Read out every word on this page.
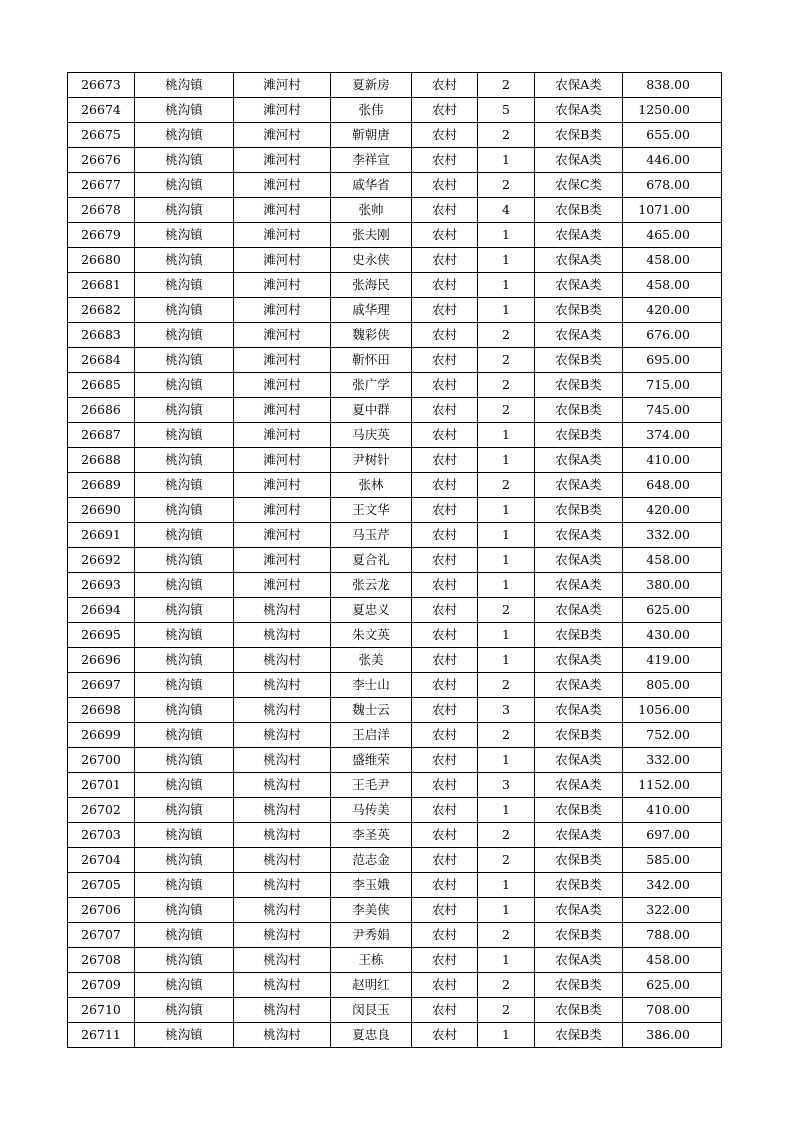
26673	桃沟镇	滩河村	夏新房	农村	2	农保A类	838.00
26674	桃沟镇	滩河村	张伟	农村	5	农保A类	1250.00
26675	桃沟镇	滩河村	靳朝唐	农村	2	农保B类	655.00
26676	桃沟镇	滩河村	李祥宣	农村	1	农保A类	446.00
26677	桃沟镇	滩河村	戚华省	农村	2	农保C类	678.00
26678	桃沟镇	滩河村	张帅	农村	4	农保B类	1071.00
26679	桃沟镇	滩河村	张夫刚	农村	1	农保A类	465.00
26680	桃沟镇	滩河村	史永侠	农村	1	农保A类	458.00
26681	桃沟镇	滩河村	张海民	农村	1	农保A类	458.00
26682	桃沟镇	滩河村	戚华理	农村	1	农保B类	420.00
26683	桃沟镇	滩河村	魏彩侠	农村	2	农保A类	676.00
26684	桃沟镇	滩河村	靳怀田	农村	2	农保B类	695.00
26685	桃沟镇	滩河村	张广学	农村	2	农保B类	715.00
26686	桃沟镇	滩河村	夏中群	农村	2	农保B类	745.00
26687	桃沟镇	滩河村	马庆英	农村	1	农保B类	374.00
26688	桃沟镇	滩河村	尹树针	农村	1	农保A类	410.00
26689	桃沟镇	滩河村	张林	农村	2	农保A类	648.00
26690	桃沟镇	滩河村	王文华	农村	1	农保B类	420.00
26691	桃沟镇	滩河村	马玉芹	农村	1	农保A类	332.00
26692	桃沟镇	滩河村	夏合礼	农村	1	农保A类	458.00
26693	桃沟镇	滩河村	张云龙	农村	1	农保A类	380.00
26694	桃沟镇	桃沟村	夏忠义	农村	2	农保A类	625.00
26695	桃沟镇	桃沟村	朱文英	农村	1	农保B类	430.00
26696	桃沟镇	桃沟村	张美	农村	1	农保A类	419.00
26697	桃沟镇	桃沟村	李士山	农村	2	农保A类	805.00
26698	桃沟镇	桃沟村	魏士云	农村	3	农保A类	1056.00
26699	桃沟镇	桃沟村	王启洋	农村	2	农保B类	752.00
26700	桃沟镇	桃沟村	盛维荣	农村	1	农保A类	332.00
26701	桃沟镇	桃沟村	王毛尹	农村	3	农保A类	1152.00
26702	桃沟镇	桃沟村	马传美	农村	1	农保B类	410.00
26703	桃沟镇	桃沟村	李圣英	农村	2	农保A类	697.00
26704	桃沟镇	桃沟村	范志金	农村	2	农保B类	585.00
26705	桃沟镇	桃沟村	李玉娥	农村	1	农保B类	342.00
26706	桃沟镇	桃沟村	李美侠	农村	1	农保A类	322.00
26707	桃沟镇	桃沟村	尹秀娟	农村	2	农保B类	788.00
26708	桃沟镇	桃沟村	王栋	农村	1	农保A类	458.00
26709	桃沟镇	桃沟村	赵明红	农村	2	农保B类	625.00
26710	桃沟镇	桃沟村	闵艮玉	农村	2	农保B类	708.00
26711	桃沟镇	桃沟村	夏忠良	农村	1	农保B类	386.00
